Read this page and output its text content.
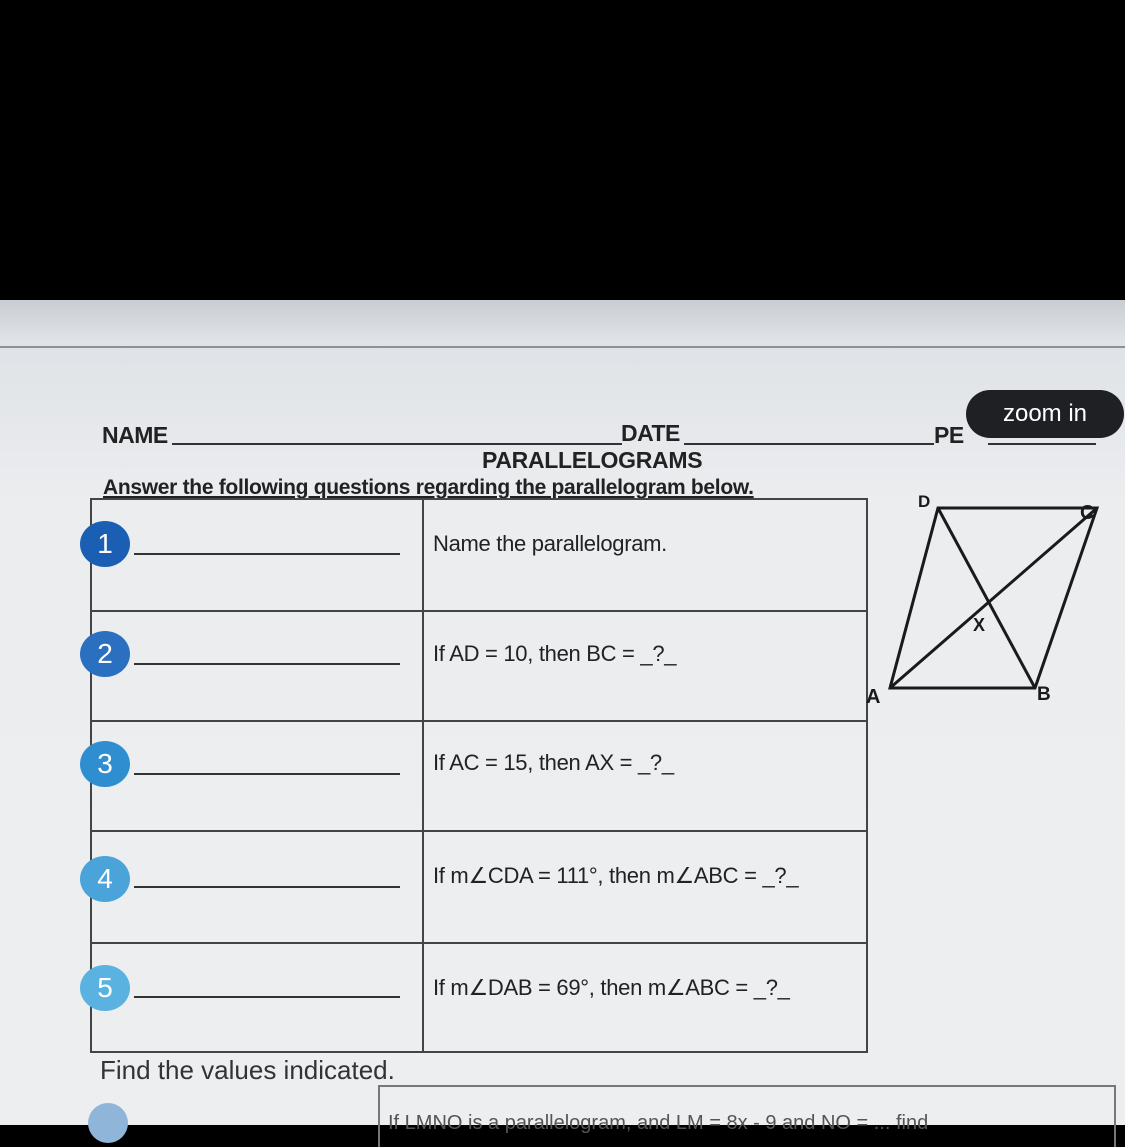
NAME	DATE	PE
zoom in
PARALLELOGRAMS
Answer the following questions regarding the parallelogram below.
1	Name the parallelogram.
2	If AD = 10, then BC = _?_
3	If AC = 15, then AX = _?_
4	If m∠CDA = 111°, then m∠ABC = _?_
5	If m∠DAB = 69°, then m∠ABC = _?_
D
C
A	B
X
Find the values indicated.
If LMNO is a parallelogram, and LM = 8x - 9 and NO = ... find
